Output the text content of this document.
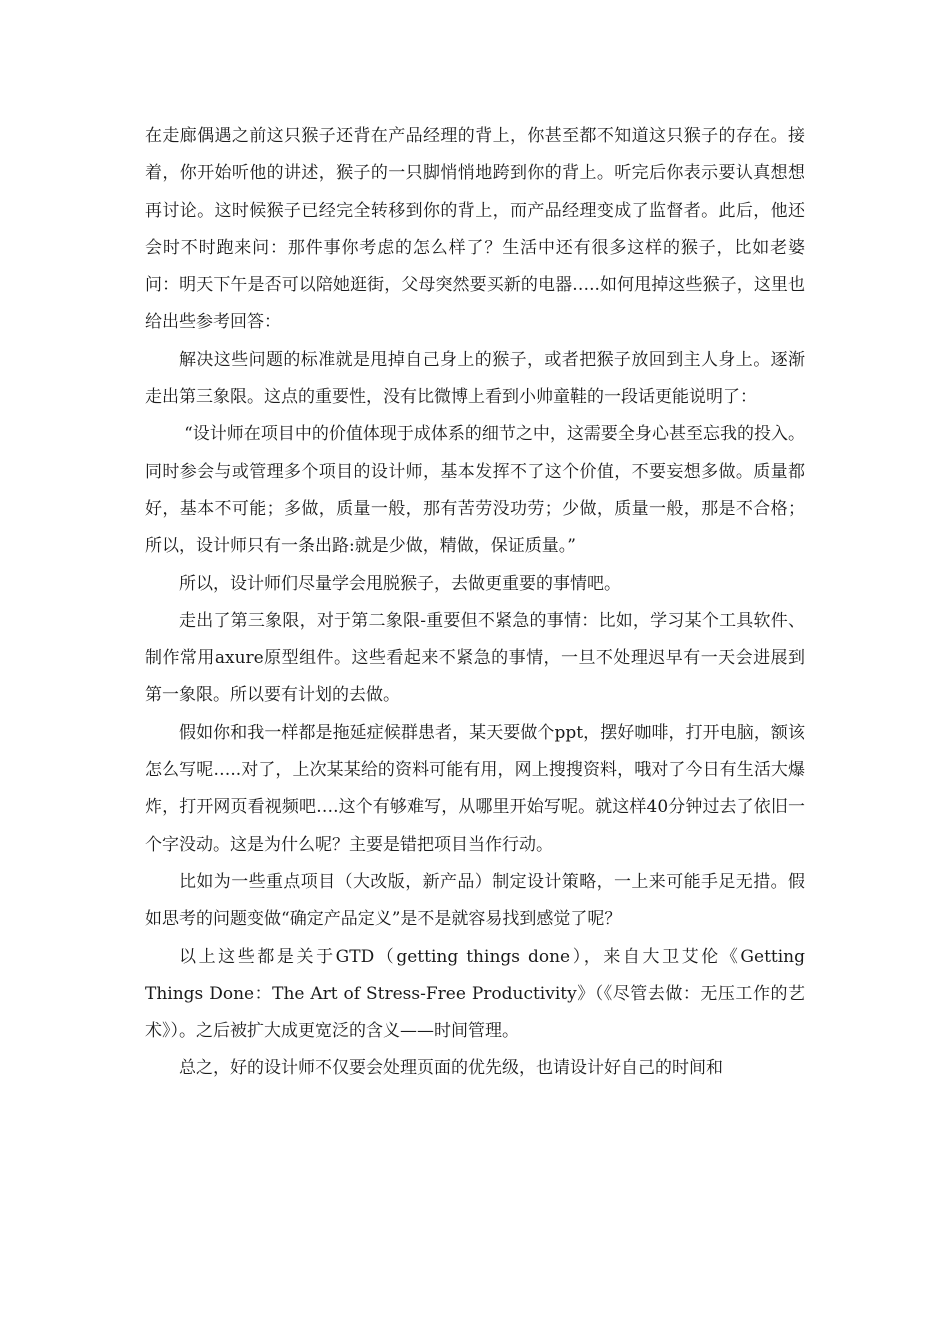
在走廊偶遇之前这只猴子还背在产品经理的背上，你甚至都不知道这只猴子的存在。接着，你开始听他的讲述，猴子的一只脚悄悄地跨到你的背上。听完后你表示要认真想想再讨论。这时候猴子已经完全转移到你的背上，而产品经理变成了监督者。此后，他还会时不时跑来问：那件事你考虑的怎么样了？生活中还有很多这样的猴子，比如老婆问：明天下午是否可以陪她逛街，父母突然要买新的电器…..如何甩掉这些猴子，这里也给出些参考回答：

解决这些问题的标准就是甩掉自己身上的猴子，或者把猴子放回到主人身上。逐渐走出第三象限。这点的重要性，没有比微博上看到小帅童鞋的一段话更能说明了：

“设计师在项目中的价值体现于成体系的细节之中，这需要全身心甚至忘我的投入。同时参会与或管理多个项目的设计师，基本发挥不了这个价值，不要妄想多做。质量都好，基本不可能；多做，质量一般，那有苦劳没功劳；少做，质量一般，那是不合格；所以，设计师只有一条出路:就是少做，精做，保证质量。”

所以，设计师们尽量学会甩脱猴子，去做更重要的事情吧。

走出了第三象限，对于第二象限-重要但不紧急的事情：比如，学习某个工具软件、制作常用axure原型组件。这些看起来不紧急的事情，一旦不处理迟早有一天会进展到第一象限。所以要有计划的去做。

假如你和我一样都是拖延症候群患者，某天要做个ppt，摆好咖啡，打开电脑，额该怎么写呢…..对了，上次某某给的资料可能有用，网上搜搜资料，哦对了今日有生活大爆炸，打开网页看视频吧….这个有够难写，从哪里开始写呢。就这样40分钟过去了依旧一个字没动。这是为什么呢？主要是错把项目当作行动。

比如为一些重点项目（大改版，新产品）制定设计策略，一上来可能手足无措。假如思考的问题变做“确定产品定义”是不是就容易找到感觉了呢？

以上这些都是关于GTD（getting things done），来自大卫艾伦《Getting Things Done：The Art of Stress-Free Productivity》（《尽管去做：无压工作的艺术》）。之后被扩大成更宽泛的含义——时间管理。

总之，好的设计师不仅要会处理页面的优先级，也请设计好自己的时间和
